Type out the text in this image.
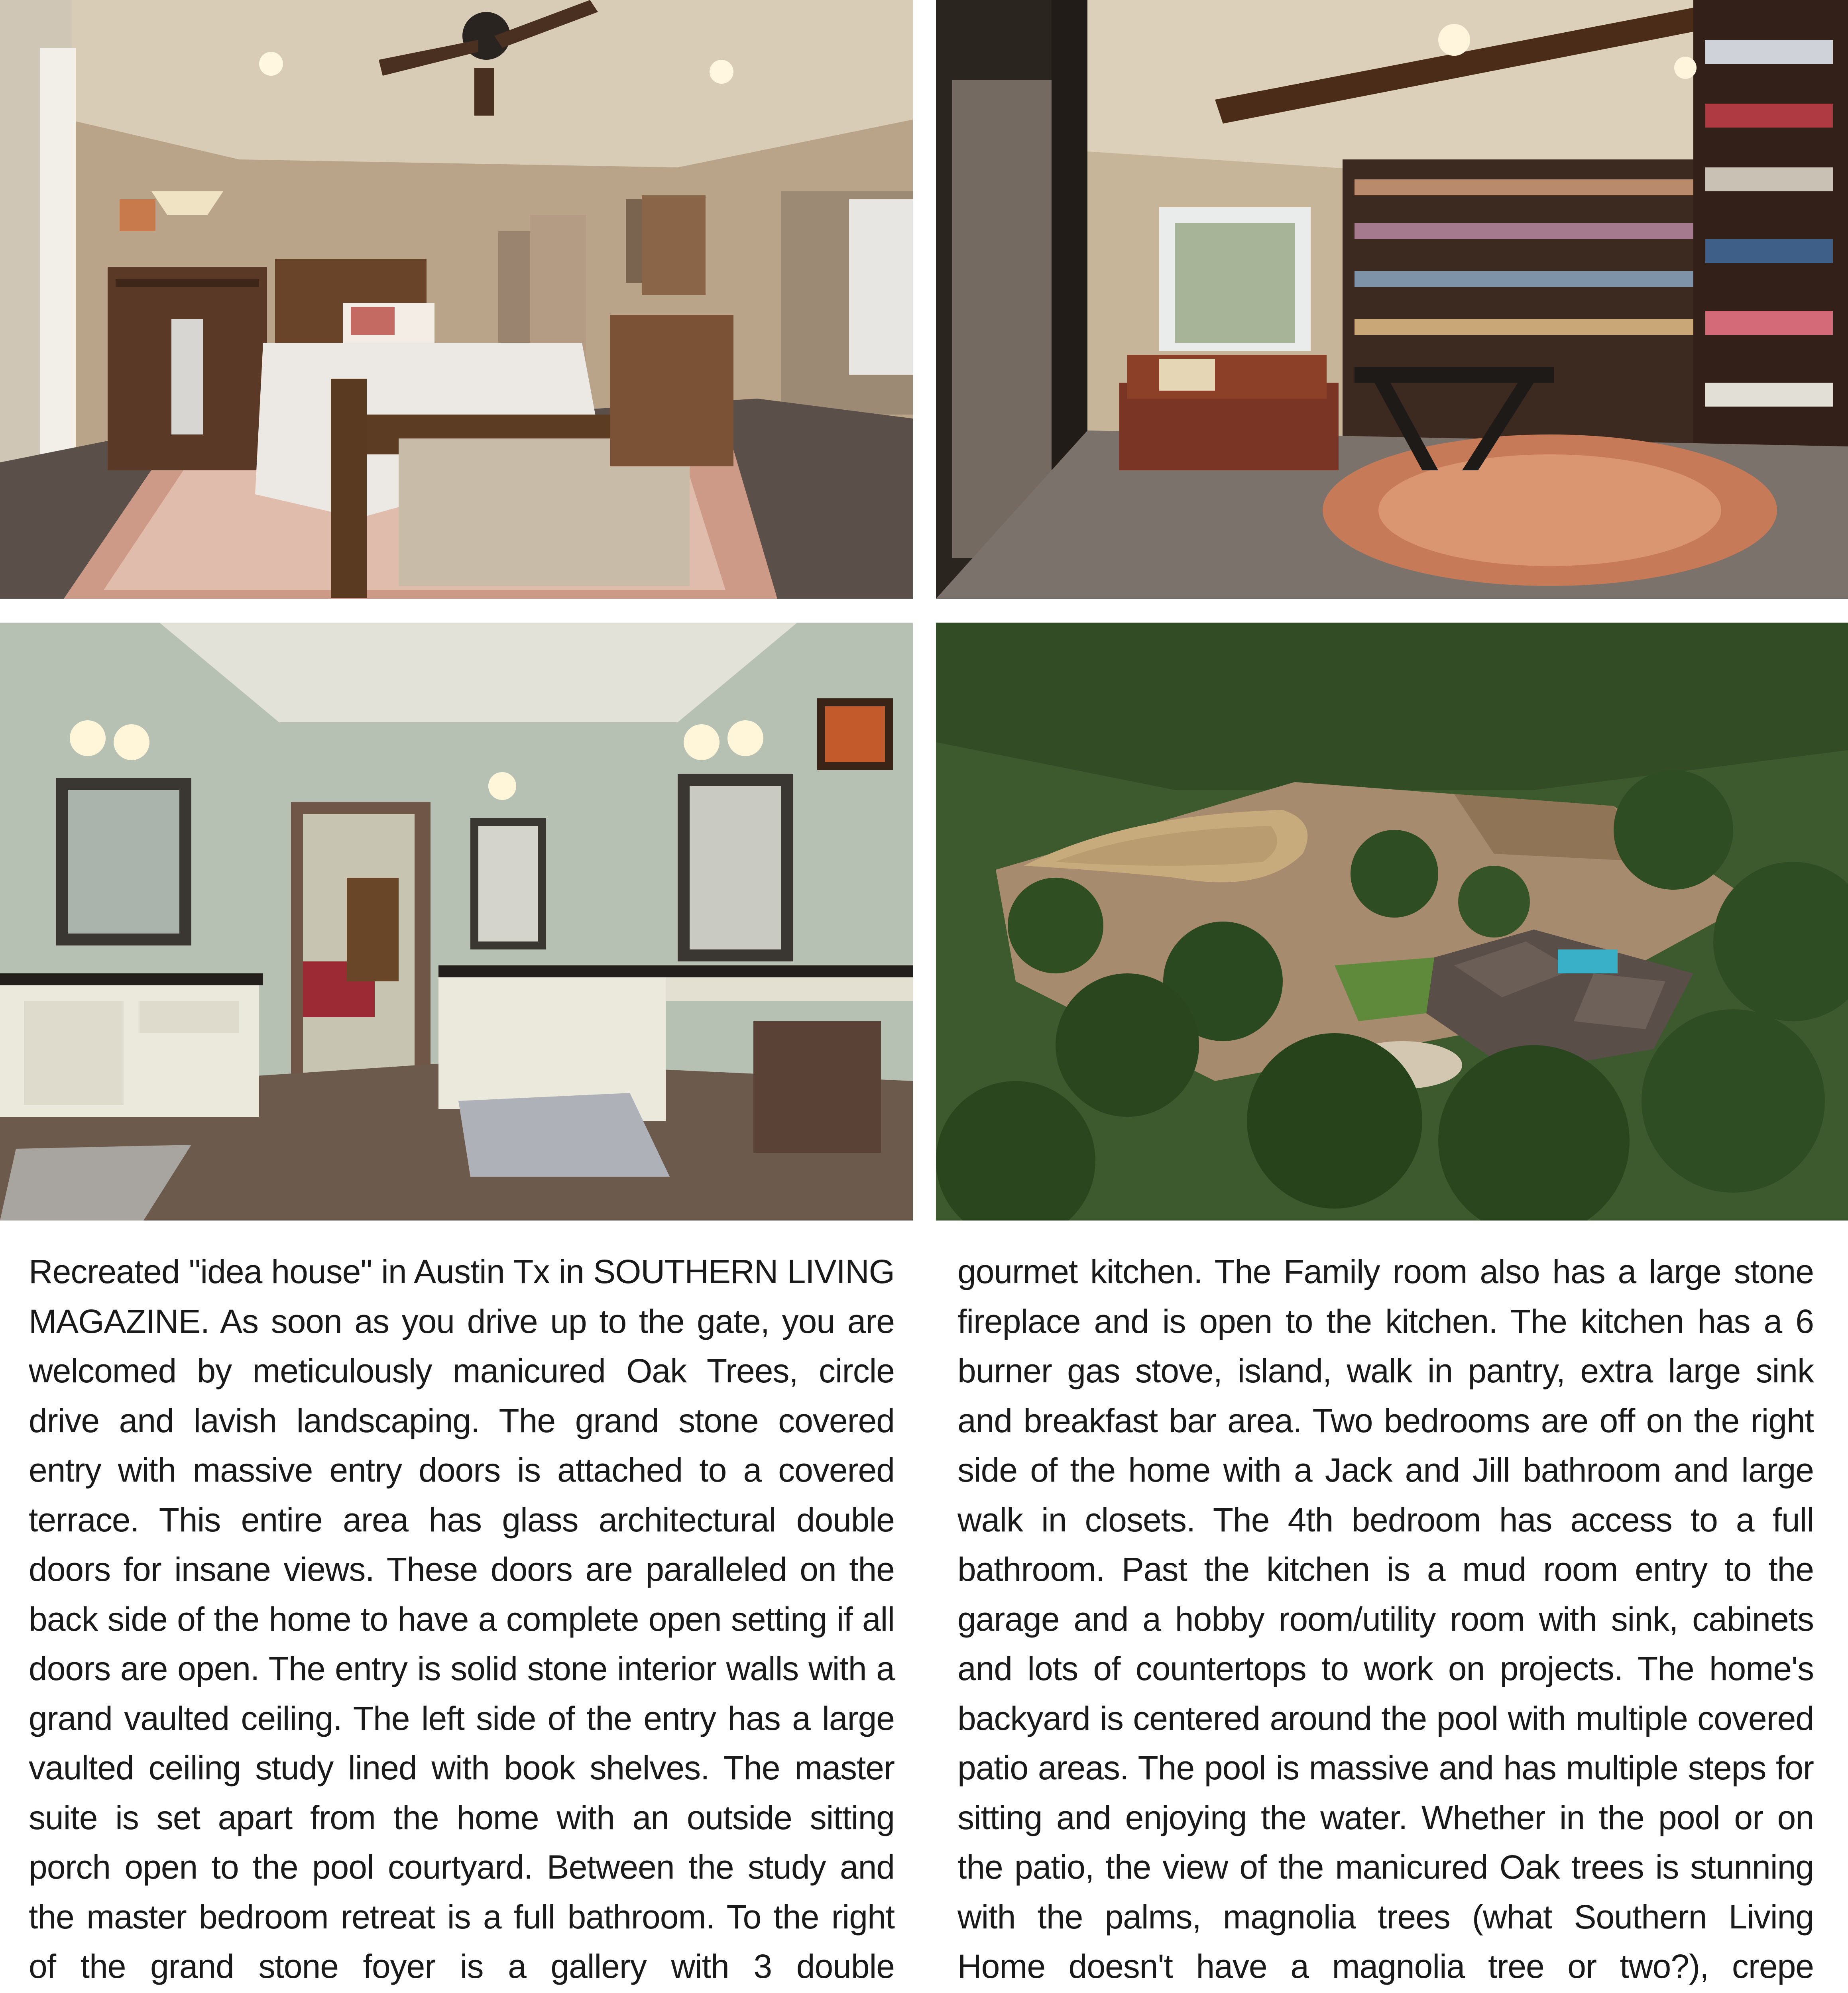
Recreated "idea house" in Austin Tx in SOUTHERN LIVING MAGAZINE. As soon as you drive up to the gate, you are welcomed by meticulously manicured Oak Trees, circle drive and lavish landscaping. The grand stone covered entry with massive entry doors is attached to a covered terrace. This entire area has glass architectural double doors for insane views. These doors are paralleled on the back side of the home to have a complete open setting if all doors are open. The entry is solid stone interior walls with a grand vaulted ceiling. The left side of the entry has a large vaulted ceiling study lined with book shelves. The master suite is set apart from the home with an outside sitting porch open to the pool courtyard. Between the study and the master bedroom retreat is a full bathroom. To the right of the grand stone foyer is a gallery with 3 double
gourmet kitchen. The Family room also has a large stone fireplace and is open to the kitchen. The kitchen has a 6 burner gas stove, island, walk in pantry, extra large sink and breakfast bar area. Two bedrooms are off on the right side of the home with a Jack and Jill bathroom and large walk in closets. The 4th bedroom has access to a full bathroom. Past the kitchen is a mud room entry to the garage and a hobby room/utility room with sink, cabinets and lots of countertops to work on projects. The home's backyard is centered around the pool with multiple covered patio areas. The pool is massive and has multiple steps for sitting and enjoying the water. Whether in the pool or on the patio, the view of the manicured Oak trees is stunning with the palms, magnolia trees (what Southern Living Home doesn't have a magnolia tree or two?), crepe
